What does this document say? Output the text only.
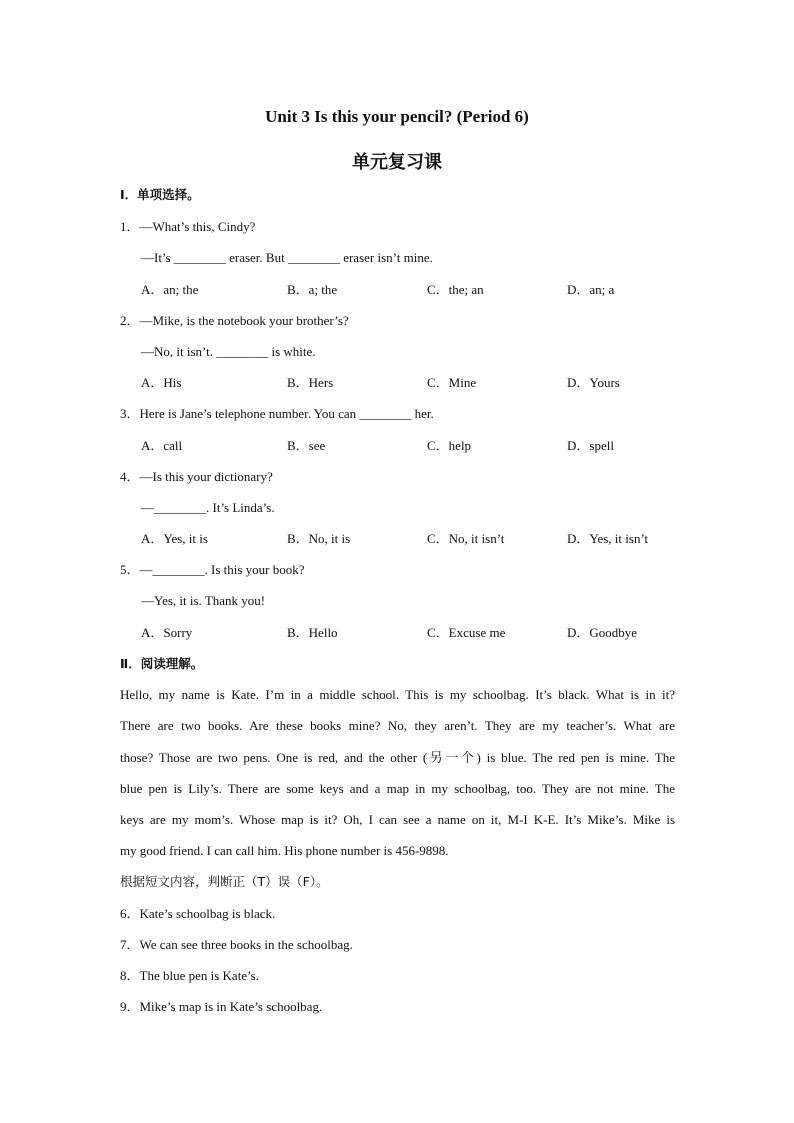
Unit 3 Is this your pencil? (Period 6)
单元复习课
Ⅰ．单项选择。
1．—What’s this, Cindy?
—It’s ________ eraser. But ________ eraser isn’t mine.
A．an; the	B．a; the	C．the; an	D．an; a
2．—Mike, is the notebook your brother’s?
—No, it isn’t. ________ is white.
A．His	B．Hers	C．Mine	D．Yours
3．Here is Jane’s telephone number. You can ________ her.
A．call	B．see	C．help	D．spell
4．—Is this your dictionary?
—________. It’s Linda’s.
A．Yes, it is	B．No, it is	C．No, it isn’t	D．Yes, it isn’t
5．—________. Is this your book?
—Yes, it is. Thank you!
A．Sorry	B．Hello	C．Excuse me	D．Goodbye
Ⅱ．阅读理解。
Hello, my name is Kate. I’m in a middle school. This is my schoolbag. It’s black. What is in it?
There are two books. Are these books mine? No, they aren’t. They are my teacher’s. What are
those? Those are two pens. One is red, and the other (另一个) is blue. The red pen is mine. The
blue pen is Lily’s. There are some keys and a map in my schoolbag, too. They are not mine. The
keys are my mom’s. Whose map is it? Oh, I can see a name on it, M-I K-E. It’s Mike’s. Mike is
my good friend. I can call him. His phone number is 456-9898.
根据短文内容，判断正（T）误（F）。
6．Kate’s schoolbag is black.
7．We can see three books in the schoolbag.
8．The blue pen is Kate’s.
9．Mike’s map is in Kate’s schoolbag.
